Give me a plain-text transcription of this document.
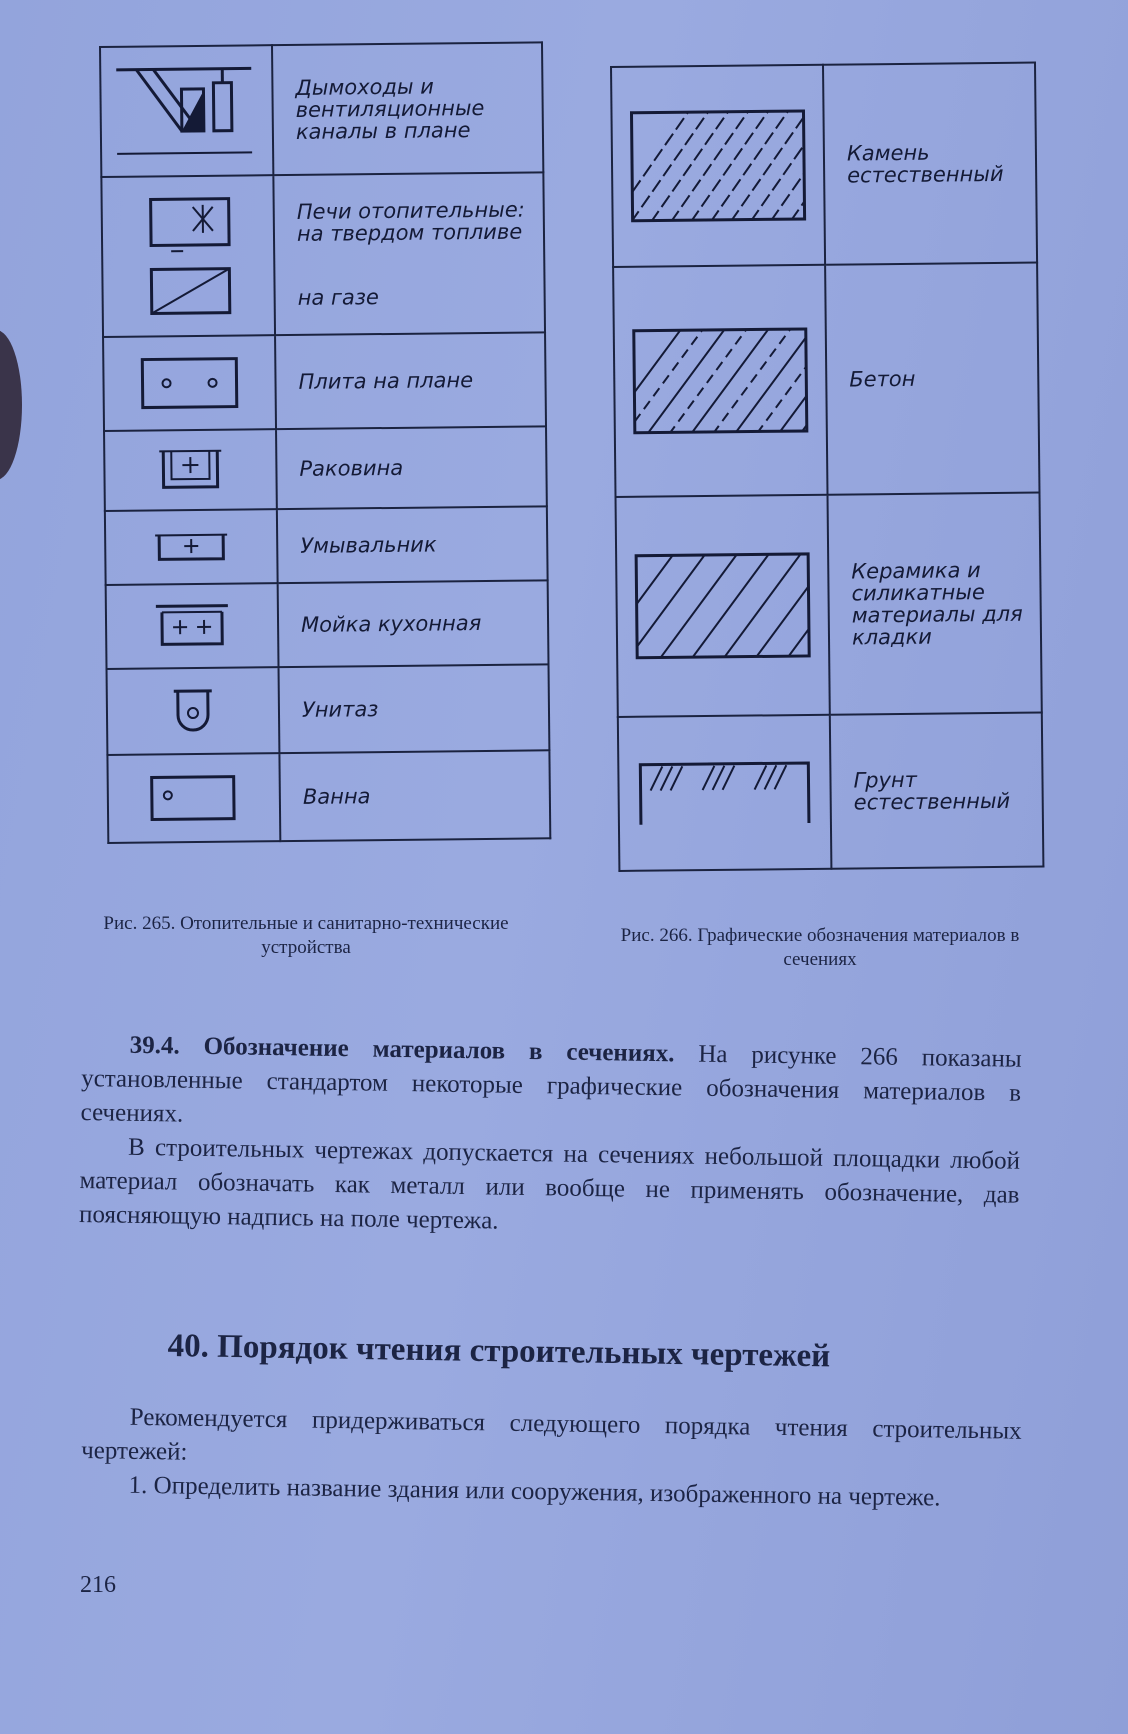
	Дымоходы и вентиляционные каналы в плане

Печи отопительные: на твердом топливе
на газе

	Плита на плане

	Раковина

	Умывальник

	Мойка кухонная

	Унитаз

	Ванна
	Камень естественный

	Бетон

	Керамика и силикатные материалы для кладки

	Грунт естественный
Рис. 265. Отопительные и санитарно-технические устройства
Рис. 266. Графические обозначения материалов в сечениях

39.4. Обозначение материалов в сечениях. На рисунке 266 показаны установленные стандартом некоторые графические обозначения материалов в сечениях.

В строительных чертежах допускается на сечениях небольшой площадки любой материал обозначать как металл или вообще не применять обозначение, дав поясняющую надпись на поле чертежа.

40. Порядок чтения строительных чертежей

Рекомендуется придерживаться следующего порядка чтения строительных чертежей:

1. Определить название здания или сооружения, изображенного на чертеже.

216
